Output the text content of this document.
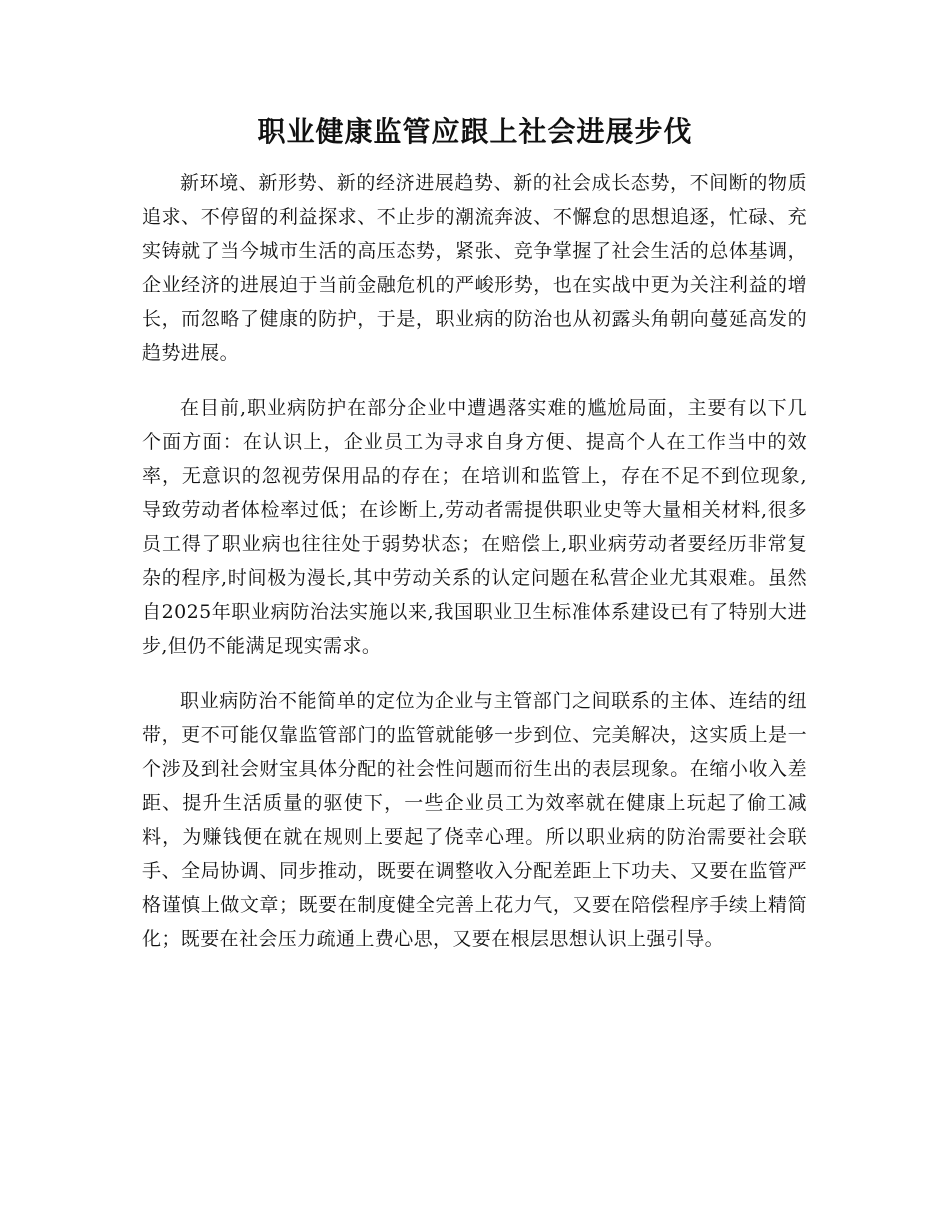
职业健康监管应跟上社会进展步伐

新环境、新形势、新的经济进展趋势、新的社会成长态势，不间断的物质追求、不停留的利益探求、不止步的潮流奔波、不懈怠的思想追逐，忙碌、充实铸就了当今城市生活的高压态势，紧张、竞争掌握了社会生活的总体基调，企业经济的进展迫于当前金融危机的严峻形势，也在实战中更为关注利益的增长，而忽略了健康的防护，于是，职业病的防治也从初露头角朝向蔓延高发的趋势进展。

在目前,职业病防护在部分企业中遭遇落实难的尴尬局面，主要有以下几个面方面：在认识上，企业员工为寻求自身方便、提高个人在工作当中的效率，无意识的忽视劳保用品的存在；在培训和监管上，存在不足不到位现象,导致劳动者体检率过低；在诊断上,劳动者需提供职业史等大量相关材料,很多员工得了职业病也往往处于弱势状态；在赔偿上,职业病劳动者要经历非常复杂的程序,时间极为漫长,其中劳动关系的认定问题在私营企业尤其艰难。虽然自2025年职业病防治法实施以来,我国职业卫生标准体系建设已有了特别大进步,但仍不能满足现实需求。

职业病防治不能简单的定位为企业与主管部门之间联系的主体、连结的纽带，更不可能仅靠监管部门的监管就能够一步到位、完美解决，这实质上是一个涉及到社会财宝具体分配的社会性问题而衍生出的表层现象。在缩小收入差距、提升生活质量的驱使下，一些企业员工为效率就在健康上玩起了偷工减料，为赚钱便在就在规则上要起了侥幸心理。所以职业病的防治需要社会联手、全局协调、同步推动，既要在调整收入分配差距上下功夫、又要在监管严格谨慎上做文章；既要在制度健全完善上花力气，又要在陪偿程序手续上精简化；既要在社会压力疏通上费心思，又要在根层思想认识上强引导。
